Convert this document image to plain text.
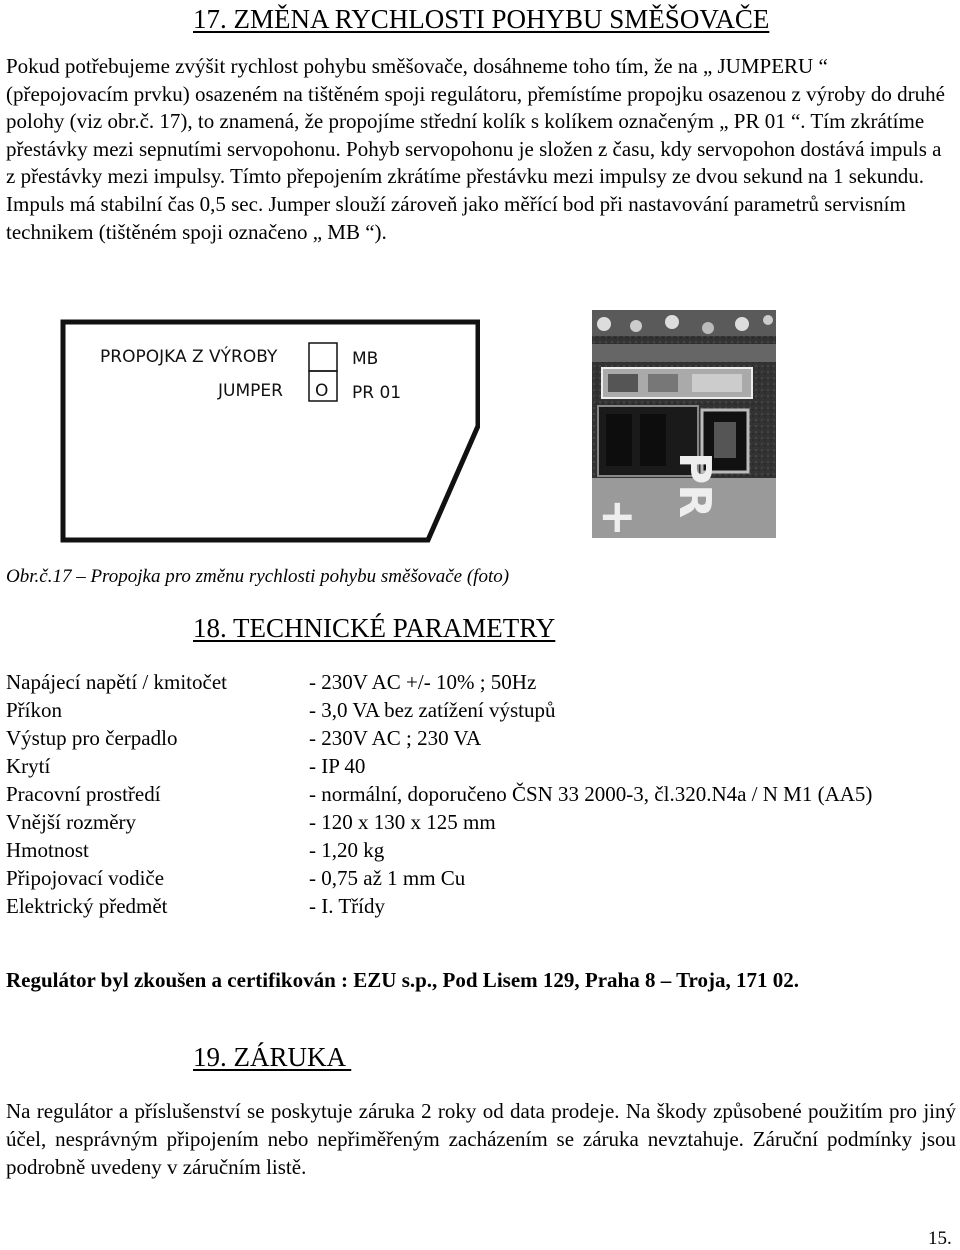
17. ZMĚNA RYCHLOSTI POHYBU SMĚŠOVAČE
Pokud potřebujeme zvýšit rychlost pohybu směšovače, dosáhneme toho tím, že na „ JUMPERU “ (přepojovacím prvku) osazeném na tištěném spoji regulátoru, přemístíme propojku osazenou z výroby do druhé polohy (viz obr.č. 17), to znamená, že propojíme střední kolík s kolíkem označeným „ PR 01 “. Tím zkrátíme přestávky mezi sepnutími servopohonu. Pohyb servopohonu je složen z času, kdy servopohon dostává impuls a z přestávky mezi impulsy. Tímto přepojením zkrátíme přestávku mezi impulsy ze dvou sekund na 1 sekundu. Impuls má stabilní čas 0,5 sec. Jumper slouží zároveň jako měřící bod při nastavování parametrů servisním technikem (tištěném spoji označeno „ MB “).
PROPOJKA Z VÝROBY
JUMPER O
MB
PR 01
+ PR
Obr.č.17 – Propojka pro změnu rychlosti pohybu směšovače (foto)
18. TECHNICKÉ PARAMETRY
Napájecí napětí / kmitočet	- 230V AC +/- 10% ; 50Hz
Příkon	- 3,0 VA bez zatížení výstupů
Výstup pro čerpadlo	- 230V AC ; 230 VA
Krytí	- IP 40
Pracovní prostředí	- normální, doporučeno ČSN 33 2000-3, čl.320.N4a / N M1 (AA5)
Vnější rozměry	- 120 x 130 x 125 mm
Hmotnost	- 1,20 kg
Připojovací vodiče	- 0,75 až 1 mm Cu
Elektrický předmět	- I. Třídy
Regulátor byl zkoušen a certifikován : EZU s.p., Pod Lisem 129, Praha 8 – Troja, 171 02.
19. ZÁRUKA
Na regulátor a příslušenství se poskytuje záruka 2 roky od data prodeje. Na škody způsobené použitím pro jiný účel, nesprávným připojením nebo nepřiměřeným zacházením se záruka nevztahuje. Záruční podmínky jsou podrobně uvedeny v záručním listě.
15.
